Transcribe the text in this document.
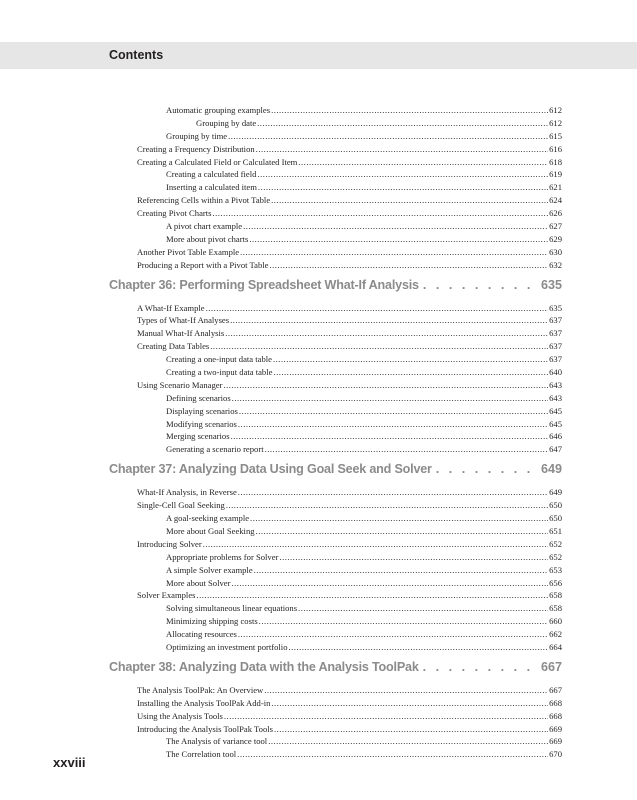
Contents
Automatic grouping examples .....	612
Grouping by date .....	612
Grouping by time .....	615
Creating a Frequency Distribution .....	616
Creating a Calculated Field or Calculated Item .....	618
Creating a calculated field .....	619
Inserting a calculated item .....	621
Referencing Cells within a Pivot Table .....	624
Creating Pivot Charts .....	626
A pivot chart example .....	627
More about pivot charts .....	629
Another Pivot Table Example .....	630
Producing a Report with a Pivot Table .....	632
Chapter 36: Performing Spreadsheet What-If Analysis . . .	635
A What-If Example .....	635
Types of What-If Analyses .....	637
Manual What-If Analysis .....	637
Creating Data Tables .....	637
Creating a one-input data table .....	637
Creating a two-input data table .....	640
Using Scenario Manager .....	643
Defining scenarios .....	643
Displaying scenarios .....	645
Modifying scenarios .....	645
Merging scenarios .....	646
Generating a scenario report .....	647
Chapter 37: Analyzing Data Using Goal Seek and Solver . . .	649
What-If Analysis, in Reverse .....	649
Single-Cell Goal Seeking .....	650
A goal-seeking example .....	650
More about Goal Seeking .....	651
Introducing Solver .....	652
Appropriate problems for Solver .....	652
A simple Solver example .....	653
More about Solver .....	656
Solver Examples .....	658
Solving simultaneous linear equations .....	658
Minimizing shipping costs .....	660
Allocating resources .....	662
Optimizing an investment portfolio .....	664
Chapter 38: Analyzing Data with the Analysis ToolPak . . .	667
The Analysis ToolPak: An Overview .....	667
Installing the Analysis ToolPak Add-in .....	668
Using the Analysis Tools .....	668
Introducing the Analysis ToolPak Tools .....	669
The Analysis of variance tool .....	669
The Correlation tool .....	670
xxviii
